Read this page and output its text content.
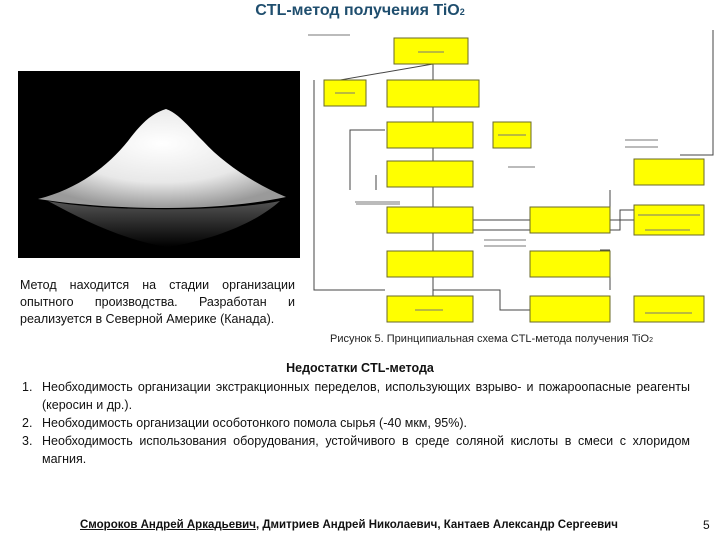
CTL-метод получения TiO2
Метод находится на стадии организации опытного производства. Разработан и реализуется в Северной Америке (Канада).
Рисунок 5. Принципиальная схема CTL-метода получения TiO2
Недостатки CTL-метода
1. Необходимость организации экстракционных переделов, использующих взрыво- и пожароопасные реагенты (керосин и др.).
2. Необходимость организации особотонкого помола сырья (-40 мкм, 95%).
3. Необходимость использования оборудования, устойчивого в среде соляной кислоты в смеси с хлоридом магния.
Смороков Андрей Аркадьевич, Дмитриев Андрей Николаевич, Кантаев Александр Сергеевич	5
